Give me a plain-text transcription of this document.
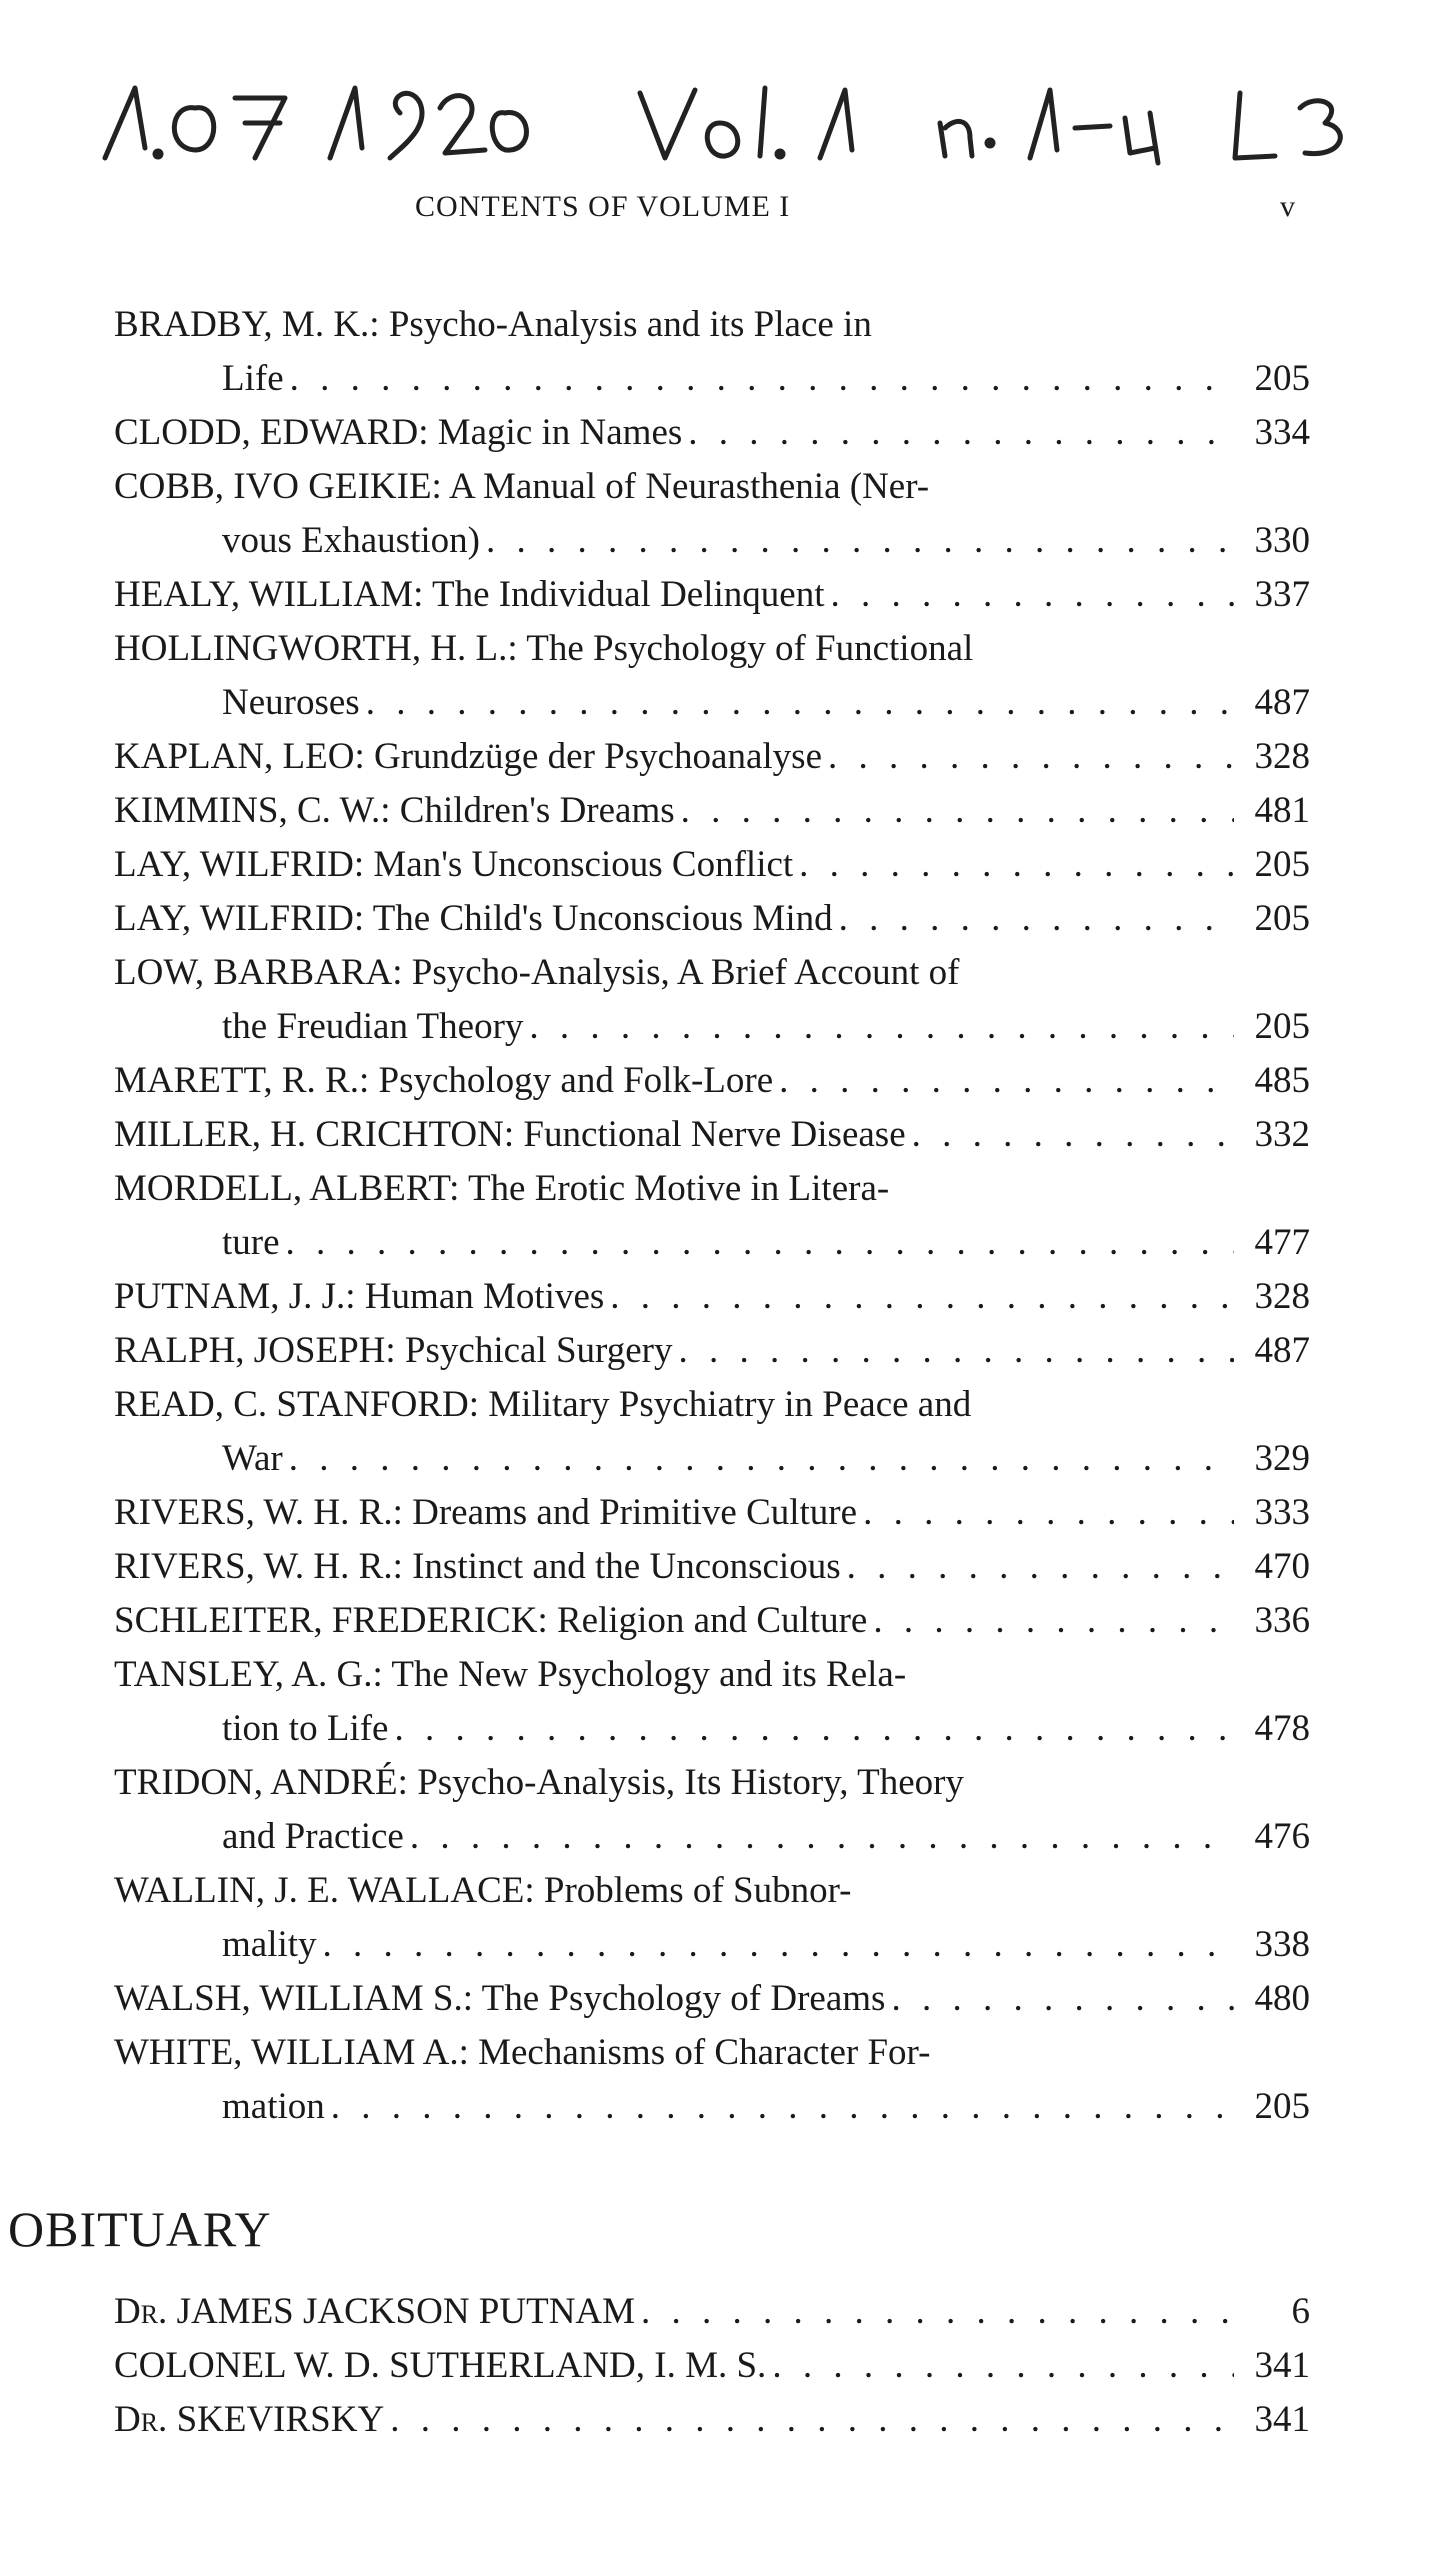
CONTENTS OF VOLUME I	v
BRADBY, M. K.: Psycho-Analysis and its Place in
Life . . .	205
CLODD, EDWARD: Magic in Names . . .	334
COBB, IVO GEIKIE: A Manual of Neurasthenia (Ner-
vous Exhaustion) . . .	330
HEALY, WILLIAM: The Individual Delinquent . . .	337
HOLLINGWORTH, H. L.: The Psychology of Functional
Neuroses . . .	487
KAPLAN, LEO: Grundzüge der Psychoanalyse . . .	328
KIMMINS, C. W.: Children's Dreams . . .	481
LAY, WILFRID: Man's Unconscious Conflict . . .	205
LAY, WILFRID: The Child's Unconscious Mind . . .	205
LOW, BARBARA: Psycho-Analysis, A Brief Account of
the Freudian Theory . . .	205
MARETT, R. R.: Psychology and Folk-Lore . . .	485
MILLER, H. CRICHTON: Functional Nerve Disease . . .	332
MORDELL, ALBERT: The Erotic Motive in Litera-
ture . . .	477
PUTNAM, J. J.: Human Motives . . .	328
RALPH, JOSEPH: Psychical Surgery . . .	487
READ, C. STANFORD: Military Psychiatry in Peace and
War . . .	329
RIVERS, W. H. R.: Dreams and Primitive Culture . . .	333
RIVERS, W. H. R.: Instinct and the Unconscious . . .	470
SCHLEITER, FREDERICK: Religion and Culture . . .	336
TANSLEY, A. G.: The New Psychology and its Rela-
tion to Life . . .	478
TRIDON, ANDRÉ: Psycho-Analysis, Its History, Theory
and Practice . . .	476
WALLIN, J. E. WALLACE: Problems of Subnor-
mality . . .	338
WALSH, WILLIAM S.: The Psychology of Dreams . . .	480
WHITE, WILLIAM A.: Mechanisms of Character For-
mation . . .	205
OBITUARY
Dr. JAMES JACKSON PUTNAM . . .	6
COLONEL W. D. SUTHERLAND, I. M. S. . . .	341
Dr. SKEVIRSKY . . .	341
